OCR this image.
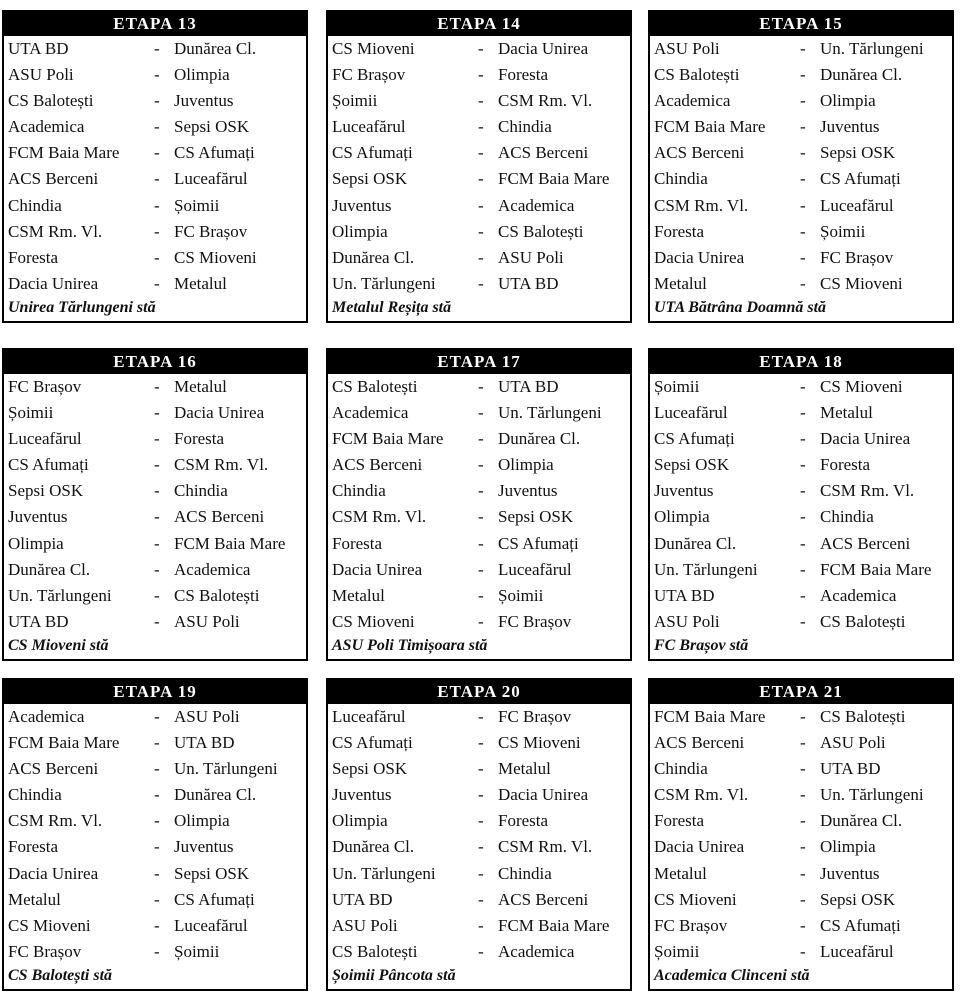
ETAPA 13
UTA BD	- Dunărea Cl.
ASU Poli	- Olimpia
CS Balotești	- Juventus
Academica	- Sepsi OSK
FCM Baia Mare - CS Afumați
ACS Berceni	- Luceafărul
Chindia	- Șoimii
CSM Rm. Vl.	- FC Brașov
Foresta	- CS Mioveni
Dacia Unirea	- Metalul
Unirea Tărlungeni stă
ETAPA 14
CS Mioveni	- Dacia Unirea
FC Brașov	- Foresta
Șoimii	- CSM Rm. Vl.
Luceafărul	- Chindia
CS Afumați	- ACS Berceni
Sepsi OSK	- FCM Baia Mare
Juventus	- Academica
Olimpia	- CS Balotești
Dunărea Cl.	- ASU Poli
Un. Tărlungeni - UTA BD
Metalul Reșița stă
ETAPA 15
ASU Poli	- Un. Tărlungeni
CS Balotești	- Dunărea Cl.
Academica	- Olimpia
FCM Baia Mare - Juventus
ACS Berceni	- Sepsi OSK
Chindia	- CS Afumați
CSM Rm. Vl.	- Luceafărul
Foresta	- Șoimii
Dacia Unirea	- FC Brașov
Metalul	- CS Mioveni
UTA Bătrâna Doamnă stă
ETAPA 16
FC Brașov	- Metalul
Șoimii	- Dacia Unirea
Luceafărul	- Foresta
CS Afumați	- CSM Rm. Vl.
Sepsi OSK	- Chindia
Juventus	- ACS Berceni
Olimpia	- FCM Baia Mare
Dunărea Cl.	- Academica
Un. Tărlungeni - CS Balotești
UTA BD	- ASU Poli
CS Mioveni stă
ETAPA 17
CS Balotești	- UTA BD
Academica	- Un. Tărlungeni
FCM Baia Mare - Dunărea Cl.
ACS Berceni	- Olimpia
Chindia	- Juventus
CSM Rm. Vl.	- Sepsi OSK
Foresta	- CS Afumați
Dacia Unirea	- Luceafărul
Metalul	- Șoimii
CS Mioveni	- FC Brașov
ASU Poli Timișoara stă
ETAPA 18
Șoimii	- CS Mioveni
Luceafărul	- Metalul
CS Afumați	- Dacia Unirea
Sepsi OSK	- Foresta
Juventus	- CSM Rm. Vl.
Olimpia	- Chindia
Dunărea Cl.	- ACS Berceni
Un. Tărlungeni - FCM Baia Mare
UTA BD	- Academica
ASU Poli	- CS Balotești
FC Brașov stă
ETAPA 19
Academica	- ASU Poli
FCM Baia Mare - UTA BD
ACS Berceni	- Un. Tărlungeni
Chindia	- Dunărea Cl.
CSM Rm. Vl.	- Olimpia
Foresta	- Juventus
Dacia Unirea	- Sepsi OSK
Metalul	- CS Afumați
CS Mioveni	- Luceafărul
FC Brașov	- Șoimii
CS Balotești stă
ETAPA 20
Luceafărul	- FC Brașov
CS Afumați	- CS Mioveni
Sepsi OSK	- Metalul
Juventus	- Dacia Unirea
Olimpia	- Foresta
Dunărea Cl.	- CSM Rm. Vl.
Un. Tărlungeni - Chindia
UTA BD	- ACS Berceni
ASU Poli	- FCM Baia Mare
CS Balotești	- Academica
Șoimii Pâncota stă
ETAPA 21
FCM Baia Mare - CS Balotești
ACS Berceni	- ASU Poli
Chindia	- UTA BD
CSM Rm. Vl.	- Un. Tărlungeni
Foresta	- Dunărea Cl.
Dacia Unirea	- Olimpia
Metalul	- Juventus
CS Mioveni	- Sepsi OSK
FC Brașov	- CS Afumați
Șoimii	- Luceafărul
Academica Clinceni stă
